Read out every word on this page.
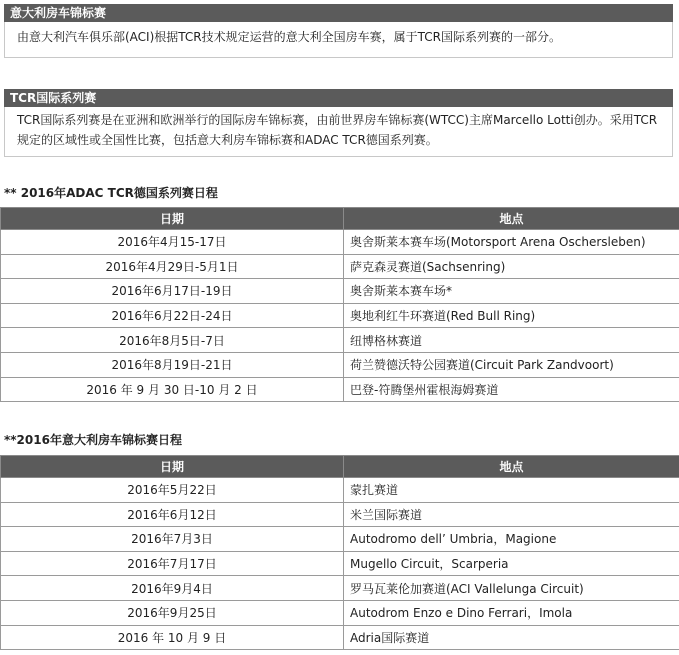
意大利房车锦标赛
由意大利汽车俱乐部(ACI)根据TCR技术规定运营的意大利全国房车赛，属于TCR国际系列赛的一部分。
TCR国际系列赛
TCR国际系列赛是在亚洲和欧洲举行的国际房车锦标赛，由前世界房车锦标赛(WTCC)主席Marcello Lotti创办。采用TCR规定的区域性或全国性比赛，包括意大利房车锦标赛和ADAC TCR德国系列赛。
** 2016年ADAC TCR德国系列赛日程
日期	地点
2016年4月15-17日	奥舍斯莱本赛车场(Motorsport Arena Oschersleben)
2016年4月29日-5月1日	萨克森灵赛道(Sachsenring)
2016年6月17日-19日	奥舍斯莱本赛车场*
2016年6月22日-24日	奥地利红牛环赛道(Red Bull Ring)
2016年8月5日-7日	纽博格林赛道
2016年8月19日-21日	荷兰赞德沃特公园赛道(Circuit Park Zandvoort)
2016 年 9 月 30 日-10 月 2 日	巴登-符腾堡州霍根海姆赛道
**2016年意大利房车锦标赛日程
日期	地点
2016年5月22日	蒙扎赛道
2016年6月12日	米兰国际赛道
2016年7月3日	Autodromo dell’ Umbria，Magione
2016年7月17日	Mugello Circuit，Scarperia
2016年9月4日	罗马瓦莱伦加赛道(ACI Vallelunga Circuit)
2016年9月25日	Autodrom Enzo e Dino Ferrari，Imola
2016 年 10 月 9 日	Adria国际赛道
